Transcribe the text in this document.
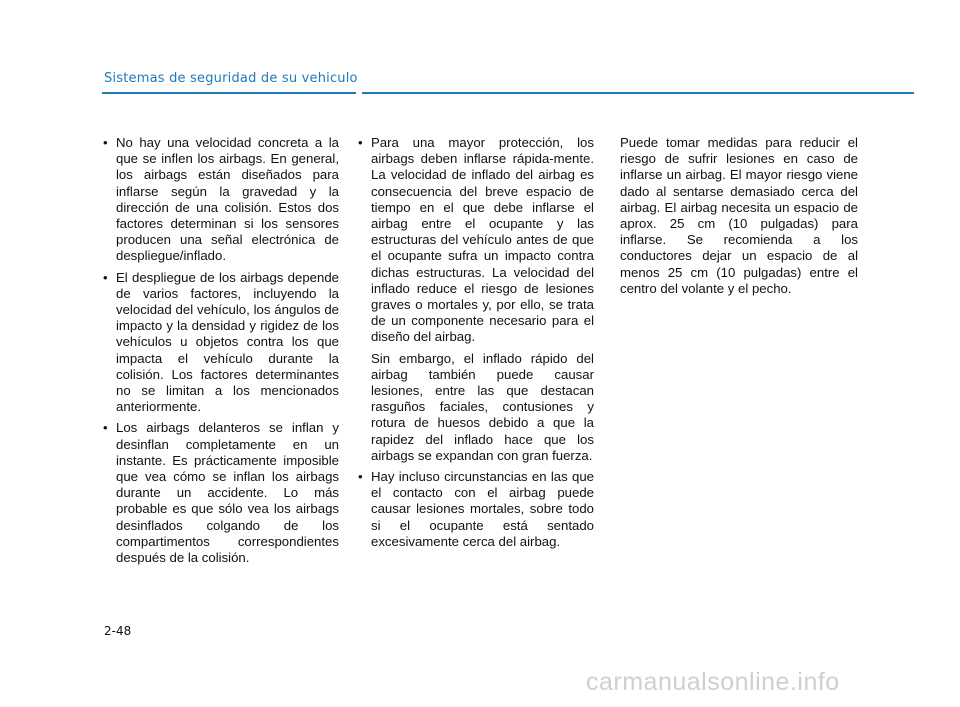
Sistemas de seguridad de su vehiculo
• No hay una velocidad concreta a la que se inflen los airbags. En general, los airbags están diseñados para inflarse según la gravedad y la dirección de una colisión. Estos dos factores determinan si los sensores producen una señal electrónica de despliegue/inflado.
• El despliegue de los airbags depende de varios factores, incluyendo la velocidad del vehículo, los ángulos de impacto y la densidad y rigidez de los vehículos u objetos contra los que impacta el vehículo durante la colisión. Los factores determinantes no se limitan a los mencionados anteriormente.
• Los airbags delanteros se inflan y desinflan completamente en un instante. Es prácticamente imposible que vea cómo se inflan los airbags durante un accidente. Lo más probable es que sólo vea los airbags desinflados colgando de los compartimentos correspondientes después de la colisión.
• Para una mayor protección, los airbags deben inflarse rápida-mente. La velocidad de inflado del airbag es consecuencia del breve espacio de tiempo en el que debe inflarse el airbag entre el ocupante y las estructuras del vehículo antes de que el ocupante sufra un impacto contra dichas estructuras. La velocidad del inflado reduce el riesgo de lesiones graves o mortales y, por ello, se trata de un componente necesario para el diseño del airbag.

Sin embargo, el inflado rápido del airbag también puede causar lesiones, entre las que destacan rasguños faciales, contusiones y rotura de huesos debido a que la rapidez del inflado hace que los airbags se expandan con gran fuerza.

• Hay incluso circunstancias en las que el contacto con el airbag puede causar lesiones mortales, sobre todo si el ocupante está sentado excesivamente cerca del airbag.

Puede tomar medidas para reducir el riesgo de sufrir lesiones en caso de inflarse un airbag. El mayor riesgo viene dado al sentarse demasiado cerca del airbag. El airbag necesita un espacio de aprox. 25 cm (10 pulgadas) para inflarse. Se recomienda a los conductores dejar un espacio de al menos 25 cm (10 pulgadas) entre el centro del volante y el pecho.

2-48
carmanualsonline.info
